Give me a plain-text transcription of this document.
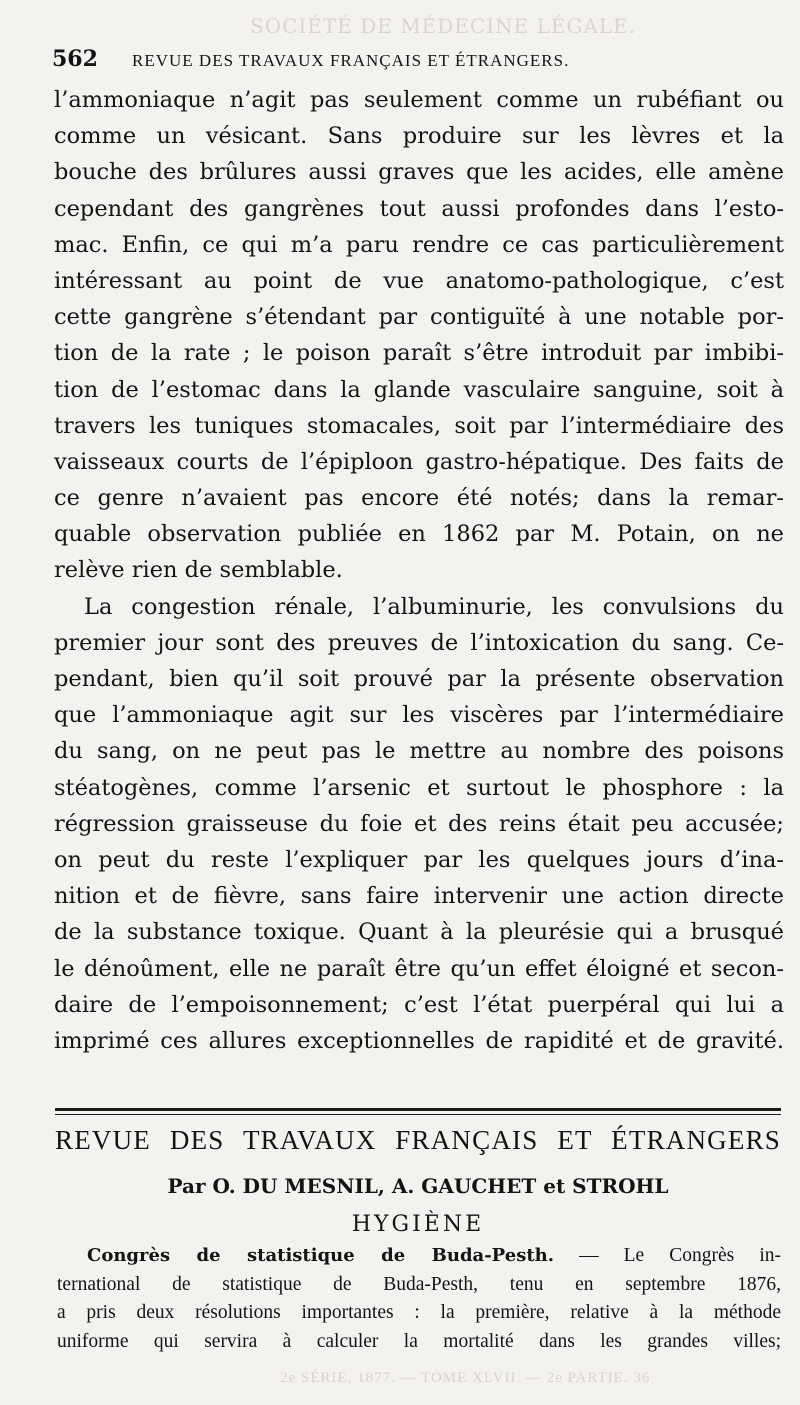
SOCIÉTÉ DE MÉDECINE LÉGALE.
562	REVUE DES TRAVAUX FRANÇAIS ET ÉTRANGERS.
l’ammoniaque n’agit pas seulement comme un rubéfiant ou
comme un vésicant. Sans produire sur les lèvres et la
bouche des brûlures aussi graves que les acides, elle amène
cependant des gangrènes tout aussi profondes dans l’esto-
mac. Enfin, ce qui m’a paru rendre ce cas particulièrement
intéressant au point de vue anatomo-pathologique, c’est
cette gangrène s’étendant par contiguïté à une notable por-
tion de la rate ; le poison paraît s’être introduit par imbibi-
tion de l’estomac dans la glande vasculaire sanguine, soit à
travers les tuniques stomacales, soit par l’intermédiaire des
vaisseaux courts de l’épiploon gastro-hépatique. Des faits de
ce genre n’avaient pas encore été notés; dans la remar-
quable observation publiée en 1862 par M. Potain, on ne
relève rien de semblable.
La congestion rénale, l’albuminurie, les convulsions du
premier jour sont des preuves de l’intoxication du sang. Ce-
pendant, bien qu’il soit prouvé par la présente observation
que l’ammoniaque agit sur les viscères par l’intermédiaire
du sang, on ne peut pas le mettre au nombre des poisons
stéatogènes, comme l’arsenic et surtout le phosphore : la
régression graisseuse du foie et des reins était peu accusée;
on peut du reste l’expliquer par les quelques jours d’ina-
nition et de fièvre, sans faire intervenir une action directe
de la substance toxique. Quant à la pleurésie qui a brusqué
le dénoûment, elle ne paraît être qu’un effet éloigné et secon-
daire de l’empoisonnement; c’est l’état puerpéral qui lui a
imprimé ces allures exceptionnelles de rapidité et de gravité.
REVUE DES TRAVAUX FRANÇAIS ET ÉTRANGERS
Par O. DU MESNIL, A. GAUCHET et STROHL
HYGIÈNE
Congrès de statistique de Buda-Pesth. — Le Congrès in-
ternational de statistique de Buda-Pesth, tenu en septembre 1876,
a pris deux résolutions importantes : la première, relative à la méthode
uniforme qui servira à calculer la mortalité dans les grandes villes;
2e SÉRIE, 1877. — TOME XLVII. — 2e PARTIE. 36
